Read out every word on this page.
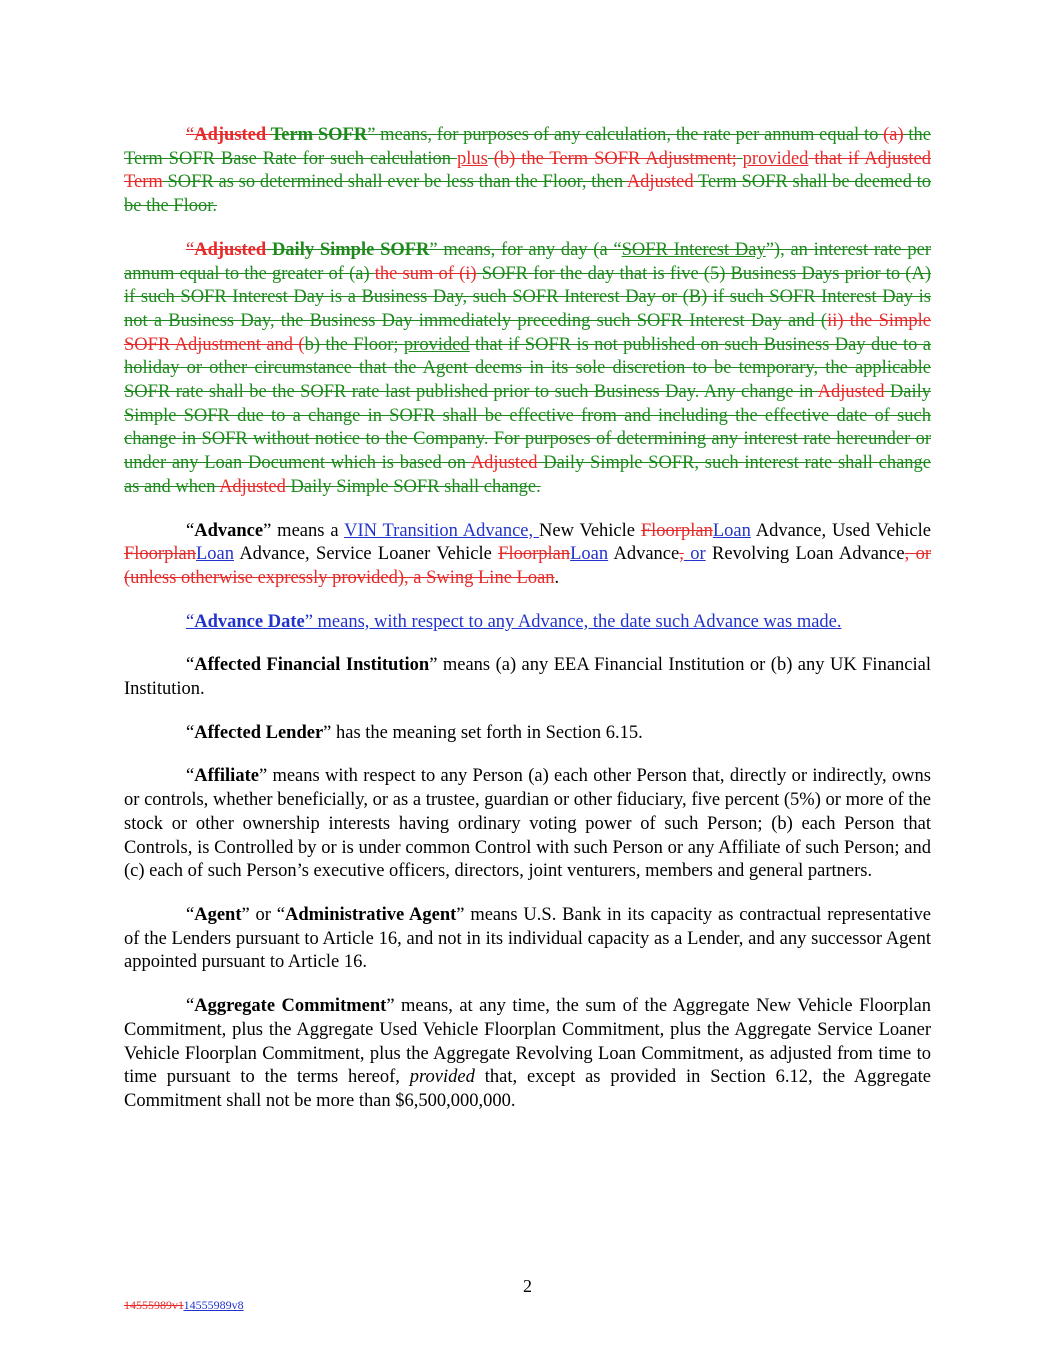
“Adjusted Term SOFR” means, for purposes of any calculation, the rate per annum equal to (a) the Term SOFR Base Rate for such calculation plus (b) the Term SOFR Adjustment; provided that if Adjusted Term SOFR as so determined shall ever be less than the Floor, then Adjusted Term SOFR shall be deemed to be the Floor.

“Adjusted Daily Simple SOFR” means, for any day (a “SOFR Interest Day”), an interest rate per annum equal to the greater of (a) the sum of (i) SOFR for the day that is five (5) Business Days prior to (A) if such SOFR Interest Day is a Business Day, such SOFR Interest Day or (B) if such SOFR Interest Day is not a Business Day, the Business Day immediately preceding such SOFR Interest Day and (ii) the Simple SOFR Adjustment and (b) the Floor; provided that if SOFR is not published on such Business Day due to a holiday or other circumstance that the Agent deems in its sole discretion to be temporary, the applicable SOFR rate shall be the SOFR rate last published prior to such Business Day. Any change in Adjusted Daily Simple SOFR due to a change in SOFR shall be effective from and including the effective date of such change in SOFR without notice to the Company. For purposes of determining any interest rate hereunder or under any Loan Document which is based on Adjusted Daily Simple SOFR, such interest rate shall change as and when Adjusted Daily Simple SOFR shall change.

“Advance” means a VIN Transition Advance, New Vehicle FloorplanLoan Advance, Used Vehicle FloorplanLoan Advance, Service Loaner Vehicle FloorplanLoan Advance, or Revolving Loan Advance, or (unless otherwise expressly provided), a Swing Line Loan.

“Advance Date” means, with respect to any Advance, the date such Advance was made.

“Affected Financial Institution” means (a) any EEA Financial Institution or (b) any UK Financial Institution.

“Affected Lender” has the meaning set forth in Section 6.15.

“Affiliate” means with respect to any Person (a) each other Person that, directly or indirectly, owns or controls, whether beneficially, or as a trustee, guardian or other fiduciary, five percent (5%) or more of the stock or other ownership interests having ordinary voting power of such Person; (b) each Person that Controls, is Controlled by or is under common Control with such Person or any Affiliate of such Person; and (c) each of such Person’s executive officers, directors, joint venturers, members and general partners.

“Agent” or “Administrative Agent” means U.S. Bank in its capacity as contractual representative of the Lenders pursuant to Article 16, and not in its individual capacity as a Lender, and any successor Agent appointed pursuant to Article 16.

“Aggregate Commitment” means, at any time, the sum of the Aggregate New Vehicle Floorplan Commitment, plus the Aggregate Used Vehicle Floorplan Commitment, plus the Aggregate Service Loaner Vehicle Floorplan Commitment, plus the Aggregate Revolving Loan Commitment, as adjusted from time to time pursuant to the terms hereof, provided that, except as provided in Section 6.12, the Aggregate Commitment shall not be more than $6,500,000,000.

2
14555989v114555989v8
